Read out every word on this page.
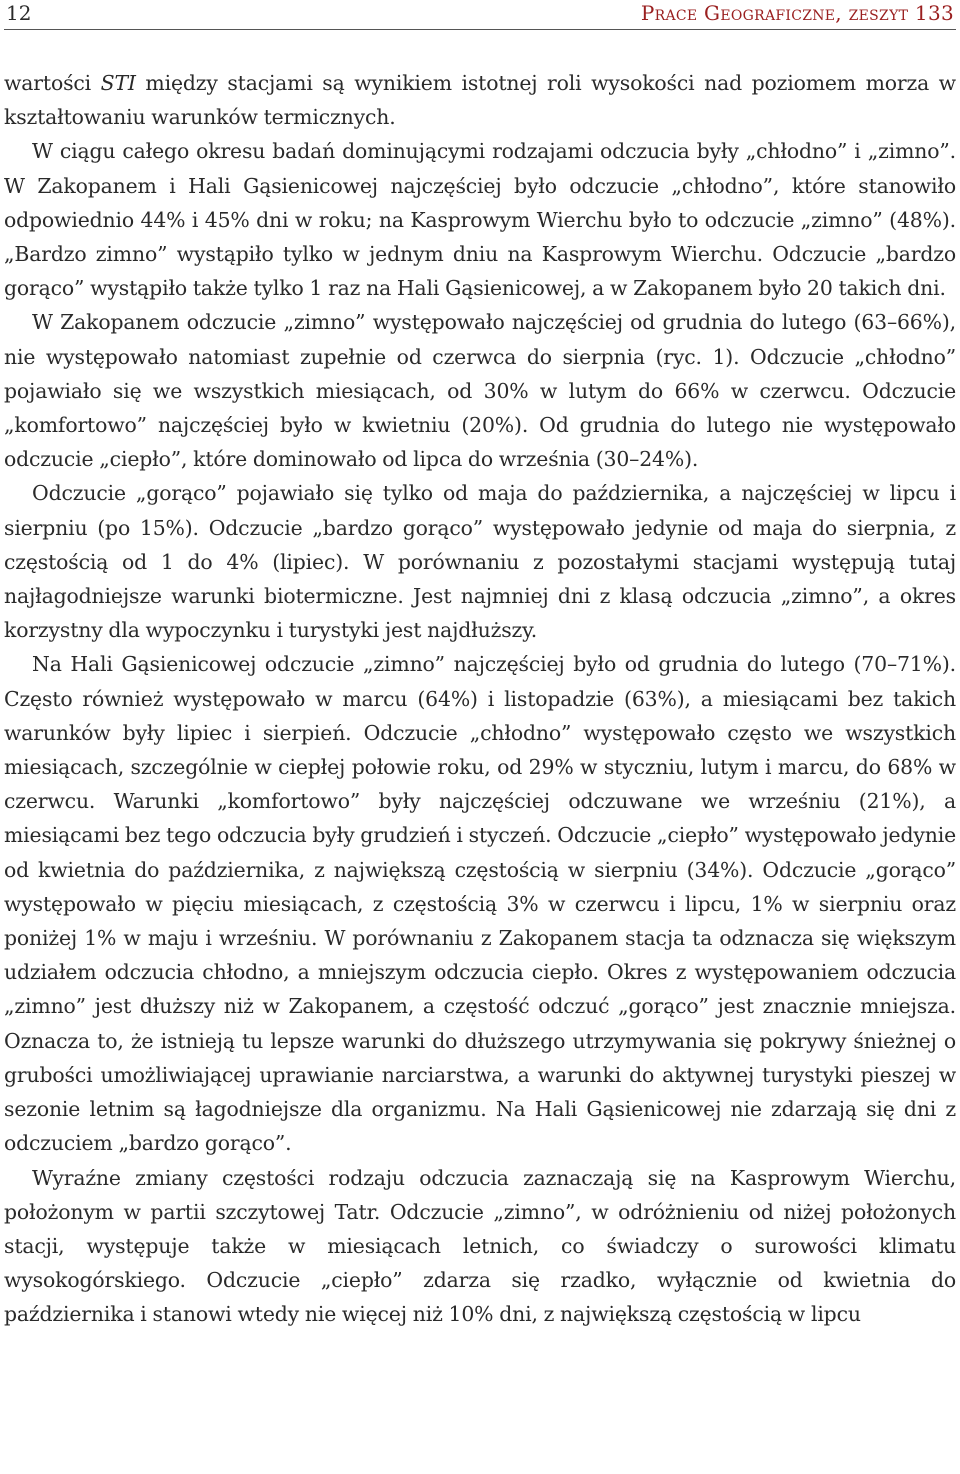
12	Prace Geograficzne, zeszyt 133

wartości STI między stacjami są wynikiem istotnej roli wysokości nad poziomem morza w kształtowaniu warunków termicznych.

W ciągu całego okresu badań dominującymi rodzajami odczucia były „chłodno” i „zimno”. W Zakopanem i Hali Gąsienicowej najczęściej było odczucie „chłodno”, które stanowiło odpowiednio 44% i 45% dni w roku; na Kasprowym Wierchu było to odczucie „zimno” (48%). „Bardzo zimno” wystąpiło tylko w jednym dniu na Kasprowym Wierchu. Odczucie „bardzo gorąco” wystąpiło także tylko 1 raz na Hali Gąsienicowej, a w Zakopanem było 20 takich dni.

W Zakopanem odczucie „zimno” występowało najczęściej od grudnia do lutego (63–66%), nie występowało natomiast zupełnie od czerwca do sierpnia (ryc. 1). Odczucie „chłodno” pojawiało się we wszystkich miesiącach, od 30% w lutym do 66% w czerwcu. Odczucie „komfortowo” najczęściej było w kwietniu (20%). Od grudnia do lutego nie występowało odczucie „ciepło”, które dominowało od lipca do września (30–24%).

Odczucie „gorąco” pojawiało się tylko od maja do października, a najczęściej w lipcu i sierpniu (po 15%). Odczucie „bardzo gorąco” występowało jedynie od maja do sierpnia, z częstością od 1 do 4% (lipiec). W porównaniu z pozostałymi stacjami występują tutaj najłagodniejsze warunki biotermiczne. Jest najmniej dni z klasą odczucia „zimno”, a okres korzystny dla wypoczynku i turystyki jest najdłuższy.

Na Hali Gąsienicowej odczucie „zimno” najczęściej było od grudnia do lutego (70–71%). Często również występowało w marcu (64%) i listopadzie (63%), a miesiącami bez takich warunków były lipiec i sierpień. Odczucie „chłodno” występowało często we wszystkich miesiącach, szczególnie w ciepłej połowie roku, od 29% w styczniu, lutym i marcu, do 68% w czerwcu. Warunki „komfortowo” były najczęściej odczuwane we wrześniu (21%), a miesiącami bez tego odczucia były grudzień i styczeń. Odczucie „ciepło” występowało jedynie od kwietnia do października, z największą częstością w sierpniu (34%). Odczucie „gorąco” występowało w pięciu miesiącach, z częstością 3% w czerwcu i lipcu, 1% w sierpniu oraz poniżej 1% w maju i wrześniu. W porównaniu z Zakopanem stacja ta odznacza się większym udziałem odczucia chłodno, a mniejszym odczucia ciepło. Okres z występowaniem odczucia „zimno” jest dłuższy niż w Zakopanem, a częstość odczuć „gorąco” jest znacznie mniejsza. Oznacza to, że istnieją tu lepsze warunki do dłuższego utrzymywania się pokrywy śnieżnej o grubości umożliwiającej uprawianie narciarstwa, a warunki do aktywnej turystyki pieszej w sezonie letnim są łagodniejsze dla organizmu. Na Hali Gąsienicowej nie zdarzają się dni z odczuciem „bardzo gorąco”.

Wyraźne zmiany częstości rodzaju odczucia zaznaczają się na Kasprowym Wierchu, położonym w partii szczytowej Tatr. Odczucie „zimno”, w odróżnieniu od niżej położonych stacji, występuje także w miesiącach letnich, co świadczy o surowości klimatu wysokogórskiego. Odczucie „ciepło” zdarza się rzadko, wyłącznie od kwietnia do października i stanowi wtedy nie więcej niż 10% dni, z największą częstością w lipcu
